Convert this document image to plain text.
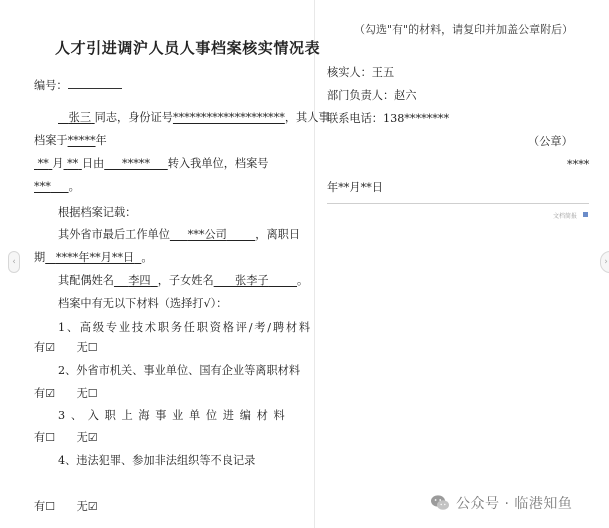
‹	›
人才引进调沪人员人事档案核实情况表
编号：
张三 同志，身份证号********************，其人事
档案于*****年
** 月 ** 日由 ***** 转入我单位，档案号
*** 。
根据档案记载：
其外省市最后工作单位 ***公司	，离职日
期 ****年**月**日 。
其配偶姓名 李四 ，子女姓名 张李子	。
档案中有无以下材料（选择打√）：
1、高级专业技术职务任职资格评/考/聘材料
有☑ 无☐
2、外省市机关、事业单位、国有企业等离职材料
有☑ 无☐
3、入职上海事业单位进编材料
有☐ 无☑
4、违法犯罪、参加非法组织等不良记录
有☐ 无☑
（勾选"有"的材料，请复印并加盖公章附后）
核实人：王五
部门负责人：赵六
联系电话：138********
（公章）
****
年**月**日
文档简报
公众号 · 临港知鱼
